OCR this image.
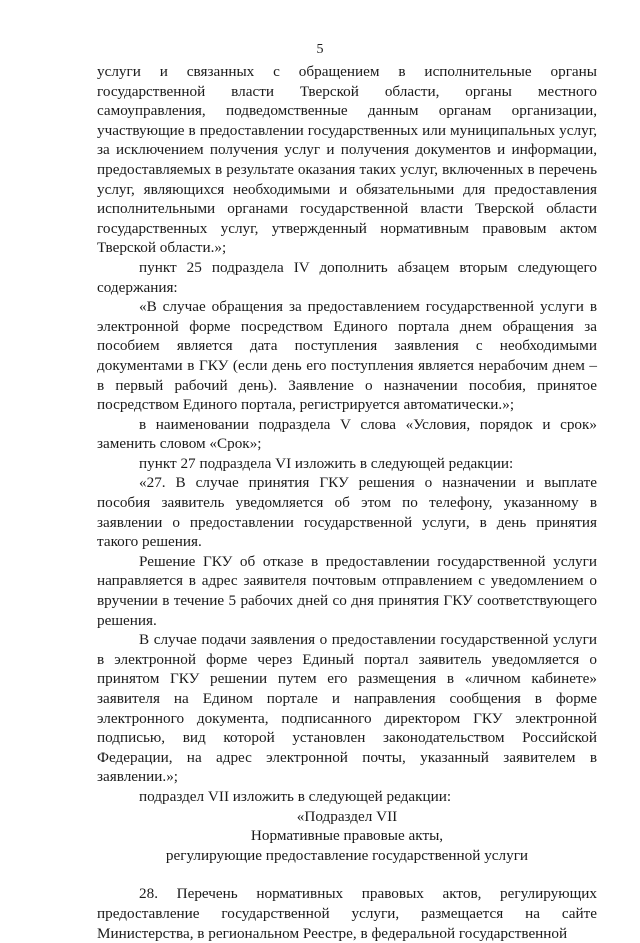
5

услуги и связанных с обращением в исполнительные органы государственной власти Тверской области, органы местного самоуправления, подведомственные данным органам организации, участвующие в предоставлении государственных или муниципальных услуг, за исключением получения услуг и получения документов и информации, предоставляемых в результате оказания таких услуг, включенных в перечень услуг, являющихся необходимыми и обязательными для предоставления исполнительными органами государственной власти Тверской области государственных услуг, утвержденный нормативным правовым актом Тверской области.»;

пункт 25 подраздела IV дополнить абзацем вторым следующего содержания:

«В случае обращения за предоставлением государственной услуги в электронной форме посредством Единого портала днем обращения за пособием является дата поступления заявления с необходимыми документами в ГКУ (если день его поступления является нерабочим днем – в первый рабочий день). Заявление о назначении пособия, принятое посредством Единого портала, регистрируется автоматически.»;

в наименовании подраздела V слова «Условия, порядок и срок» заменить словом «Срок»;

пункт 27 подраздела VI изложить в следующей редакции:

«27. В случае принятия ГКУ решения о назначении и выплате пособия заявитель уведомляется об этом по телефону, указанному в заявлении о предоставлении государственной услуги, в день принятия такого решения.

Решение ГКУ об отказе в предоставлении государственной услуги направляется в адрес заявителя почтовым отправлением с уведомлением о вручении в течение 5 рабочих дней со дня принятия ГКУ соответствующего решения.

В случае подачи заявления о предоставлении государственной услуги в электронной форме через Единый портал заявитель уведомляется о принятом ГКУ решении путем его размещения в «личном кабинете» заявителя на Едином портале и направления сообщения в форме электронного документа, подписанного директором ГКУ электронной подписью, вид которой установлен законодательством Российской Федерации, на адрес электронной почты, указанный заявителем в заявлении.»;

подраздел VII изложить в следующей редакции:

«Подраздел VII

Нормативные правовые акты,

регулирующие предоставление государственной услуги

28. Перечень нормативных правовых актов, регулирующих предоставление государственной услуги, размещается на сайте Министерства, в региональном Реестре, в федеральной государственной
